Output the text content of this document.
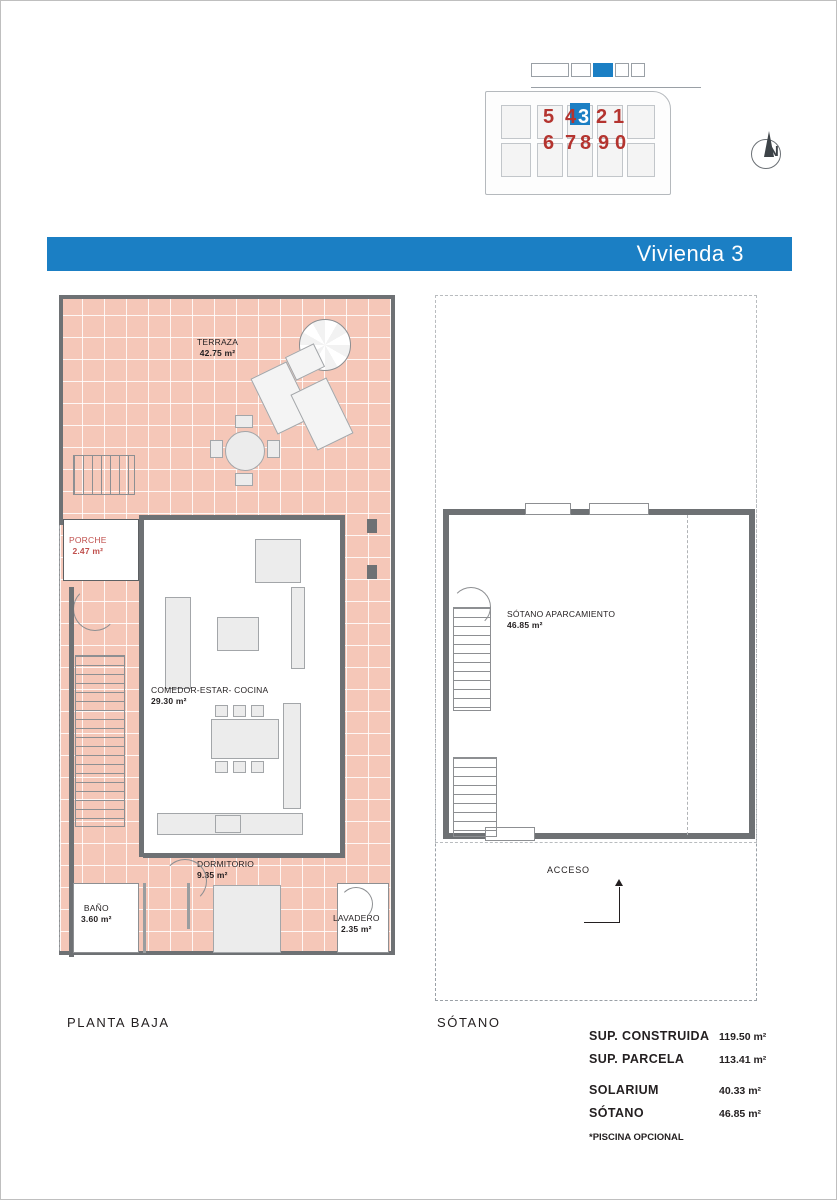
5 4 3 2 1
6 7 8 9 0	N
Vivienda 3
TERRAZA
42.75 m²
PORCHE
2.47 m²
COMEDOR-ESTAR- COCINA
29.30 m²
DORMITORIO
9.35 m²
BAÑO
3.60 m²	LAVADERO
2.35 m²
PLANTA BAJA
SÓTANO APARCAMIENTO
46.85 m²
ACCESO
SÓTANO
SUP. CONSTRUIDA 119.50 m²
SUP. PARCELA	113.41 m²
SOLARIUM	40.33 m²
SÓTANO	46.85 m²
*PISCINA OPCIONAL
